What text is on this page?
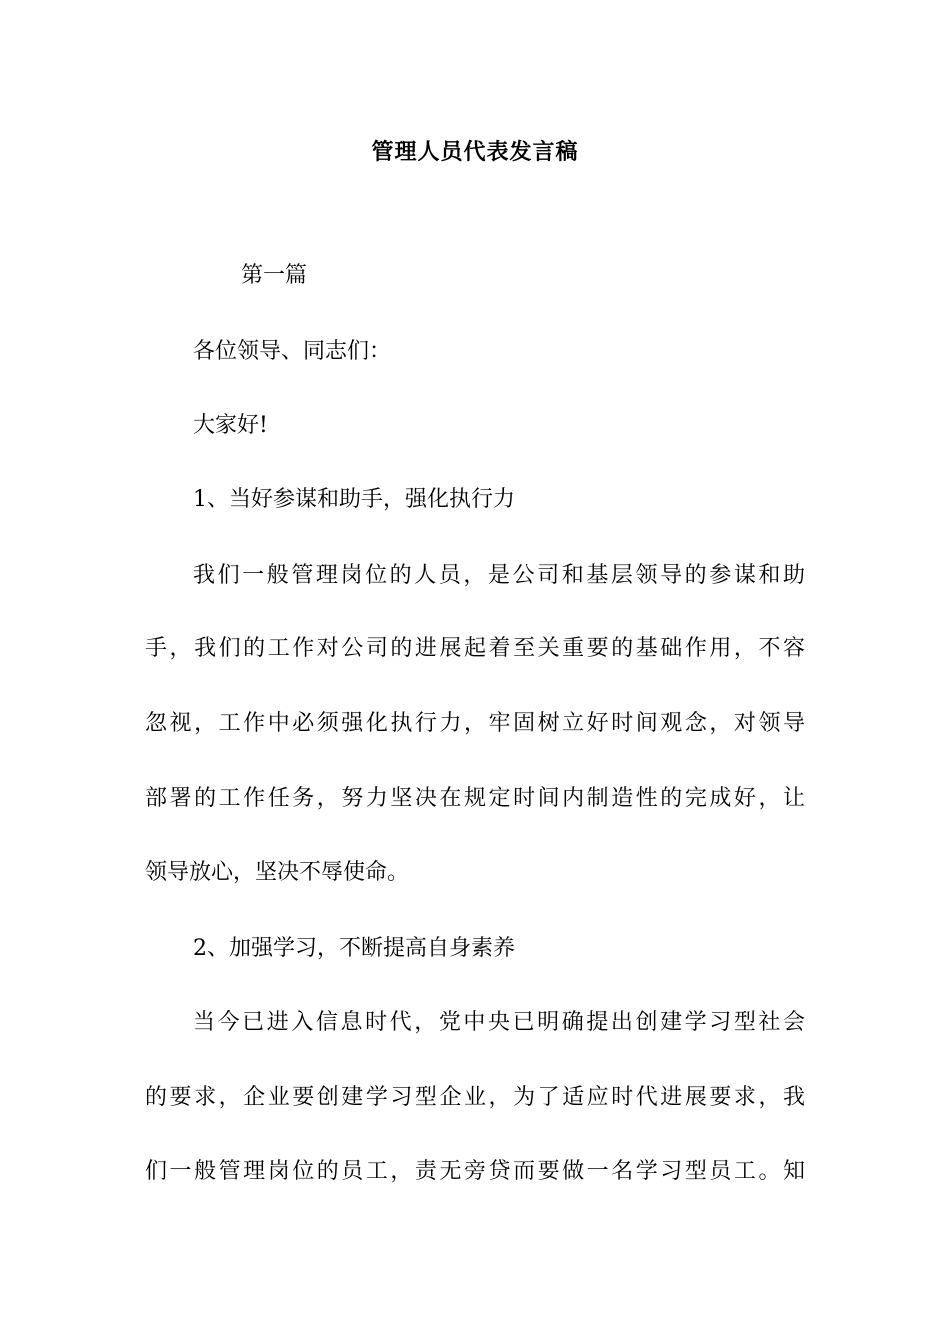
管理人员代表发言稿
第一篇
各位领导、同志们：
大家好!
1、当好参谋和助手，强化执行力
我们一般管理岗位的人员，是公司和基层领导的参谋和助
手，我们的工作对公司的进展起着至关重要的基础作用，不容
忽视，工作中必须强化执行力，牢固树立好时间观念，对领导
部署的工作任务，努力坚决在规定时间内制造性的完成好，让
领导放心，坚决不辱使命。
2、加强学习，不断提高自身素养
当今已进入信息时代，党中央已明确提出创建学习型社会
的要求，企业要创建学习型企业，为了适应时代进展要求，我
们一般管理岗位的员工，责无旁贷而要做一名学习型员工。知
